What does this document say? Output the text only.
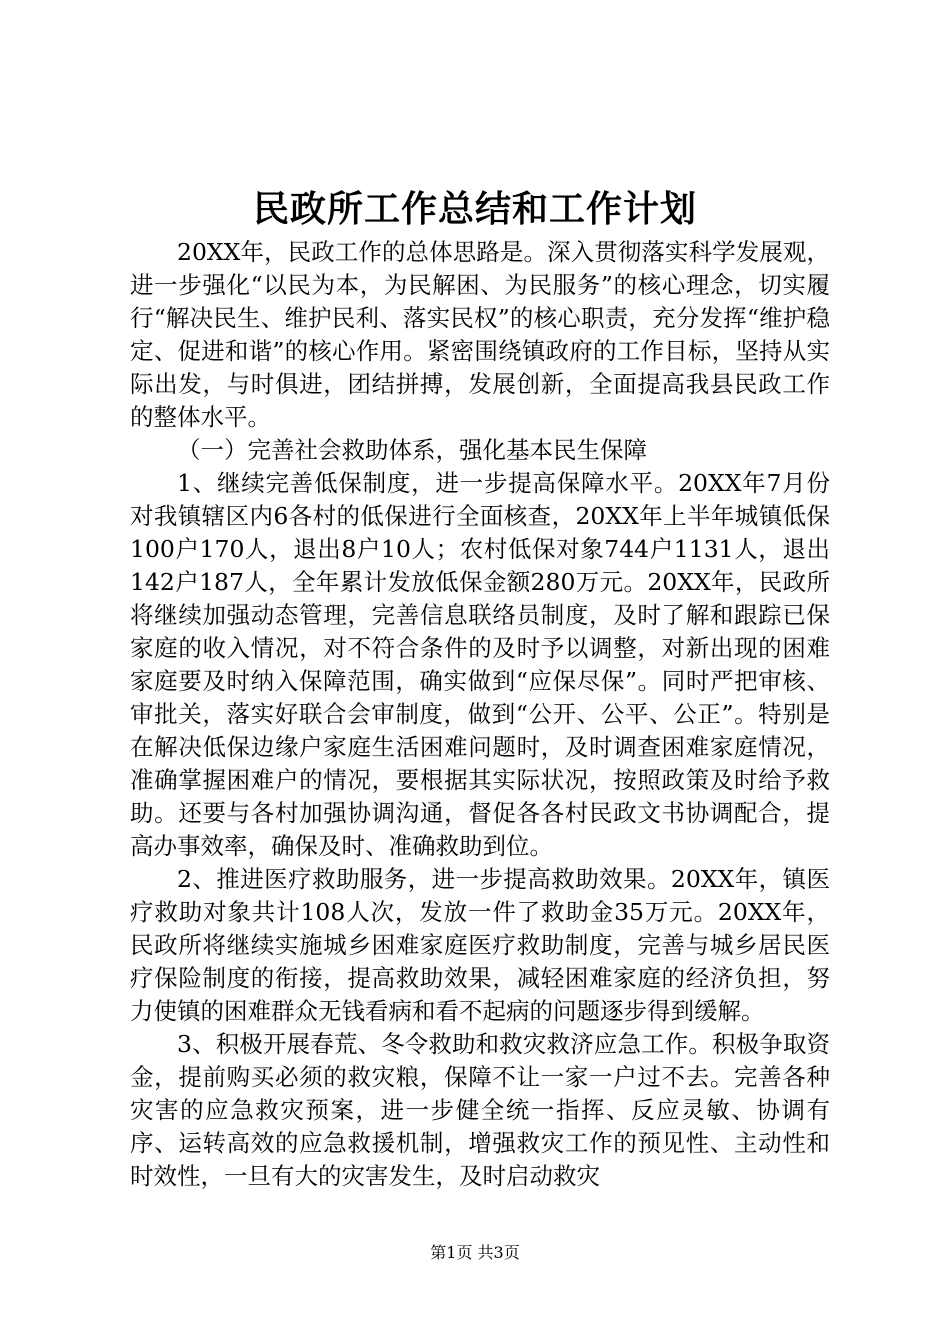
民政所工作总结和工作计划

20XX年，民政工作的总体思路是。深入贯彻落实科学发展观，进一步强化“以民为本，为民解困、为民服务”的核心理念，切实履行“解决民生、维护民利、落实民权”的核心职责，充分发挥“维护稳定、促进和谐”的核心作用。紧密围绕镇政府的工作目标，坚持从实际出发，与时俱进，团结拼搏，发展创新，全面提高我县民政工作的整体水平。

（一）完善社会救助体系，强化基本民生保障

1、继续完善低保制度，进一步提高保障水平。20XX年7月份对我镇辖区内6各村的低保进行全面核查，20XX年上半年城镇低保100户170人，退出8户10人；农村低保对象744户1131人，退出142户187人，全年累计发放低保金额280万元。20XX年，民政所将继续加强动态管理，完善信息联络员制度，及时了解和跟踪已保家庭的收入情况，对不符合条件的及时予以调整，对新出现的困难家庭要及时纳入保障范围，确实做到“应保尽保”。同时严把审核、审批关，落实好联合会审制度，做到“公开、公平、公正”。特别是在解决低保边缘户家庭生活困难问题时，及时调查困难家庭情况，准确掌握困难户的情况，要根据其实际状况，按照政策及时给予救助。还要与各村加强协调沟通，督促各各村民政文书协调配合，提高办事效率，确保及时、准确救助到位。

2、推进医疗救助服务，进一步提高救助效果。20XX年，镇医疗救助对象共计108人次，发放一件了救助金35万元。20XX年，民政所将继续实施城乡困难家庭医疗救助制度，完善与城乡居民医疗保险制度的衔接，提高救助效果，减轻困难家庭的经济负担，努力使镇的困难群众无钱看病和看不起病的问题逐步得到缓解。

3、积极开展春荒、冬令救助和救灾救济应急工作。积极争取资金，提前购买必须的救灾粮，保障不让一家一户过不去。完善各种灾害的应急救灾预案，进一步健全统一指挥、反应灵敏、协调有序、运转高效的应急救援机制，增强救灾工作的预见性、主动性和时效性，一旦有大的灾害发生，及时启动救灾

第1页 共3页
